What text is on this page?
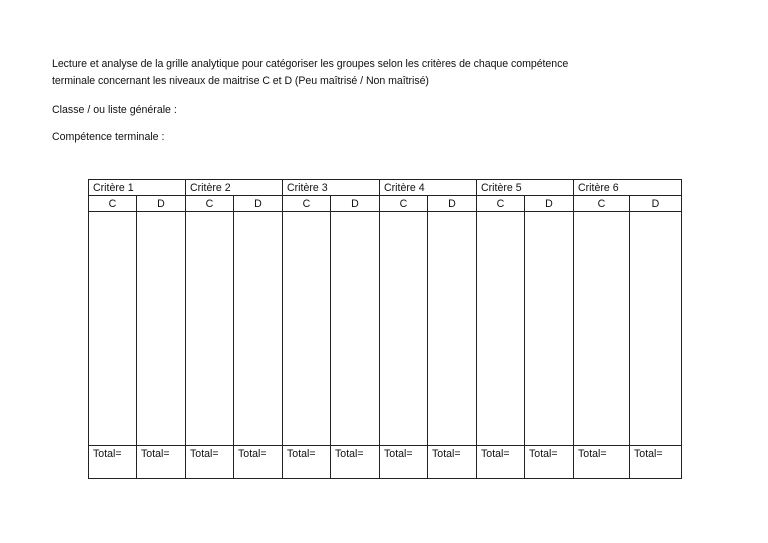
Lecture et analyse de la grille analytique pour catégoriser les groupes selon les critères de chaque compétence
terminale concernant les niveaux de maitrise C et D (Peu maîtrisé / Non maîtrisé)
Classe / ou liste générale :
Compétence terminale :
Critère 1		Critère 2		Critère 3		Critère 4		Critère 5		Critère 6	
C	D	C	D	C	D	C	D	C	D	C	D

Total=	Total=	Total=	Total=	Total=	Total=	Total=	Total=	Total=	Total=	Total=	Total=
